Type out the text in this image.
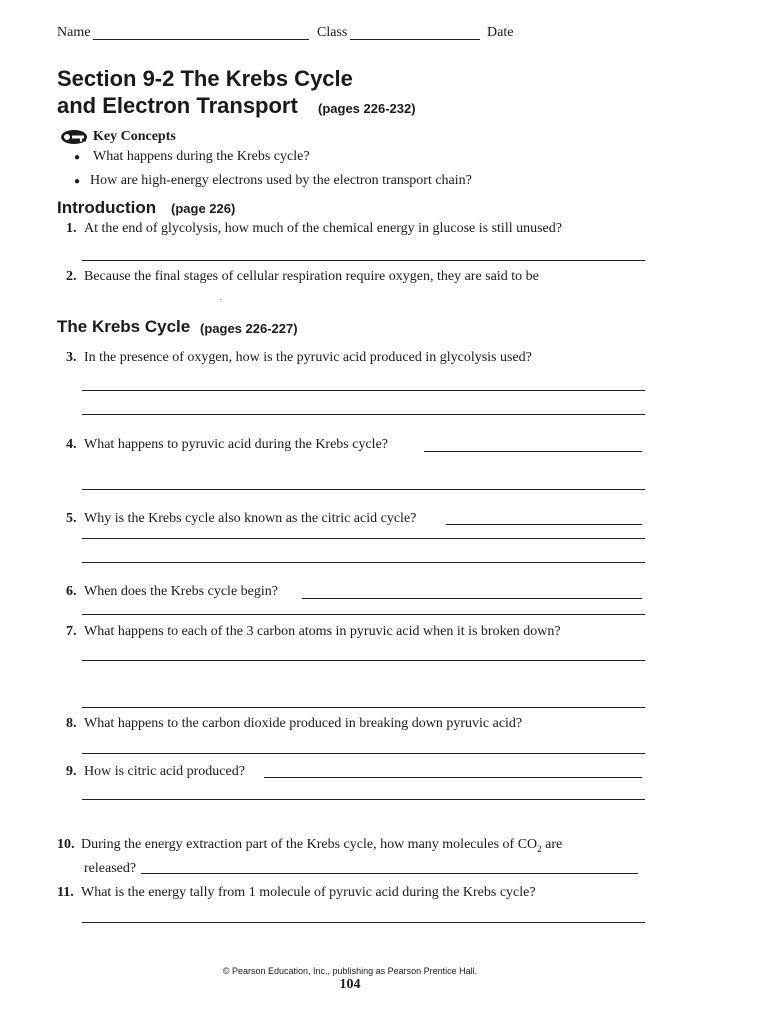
Name	Class	Date
Section 9-2 The Krebs Cycle
and Electron Transport (pages 226-232)
Key Concepts
● What happens during the Krebs cycle?
● How are high-energy electrons used by the electron transport chain?
Introduction (page 226)
1. At the end of glycolysis, how much of the chemical energy in glucose is still unused?
2. Because the final stages of cellular respiration require oxygen, they are said to be
.
The Krebs Cycle (pages 226-227)
3. In the presence of oxygen, how is the pyruvic acid produced in glycolysis used?
4. What happens to pyruvic acid during the Krebs cycle?
5. Why is the Krebs cycle also known as the citric acid cycle?
6. When does the Krebs cycle begin?
7. What happens to each of the 3 carbon atoms in pyruvic acid when it is broken down?
8. What happens to the carbon dioxide produced in breaking down pyruvic acid?
9. How is citric acid produced?
10. During the energy extraction part of the Krebs cycle, how many molecules of $CO_2$ are
released?
11. What is the energy tally from 1 molecule of pyruvic acid during the Krebs cycle?
© Pearson Education, Inc., publishing as Pearson Prentice Hall.
104
